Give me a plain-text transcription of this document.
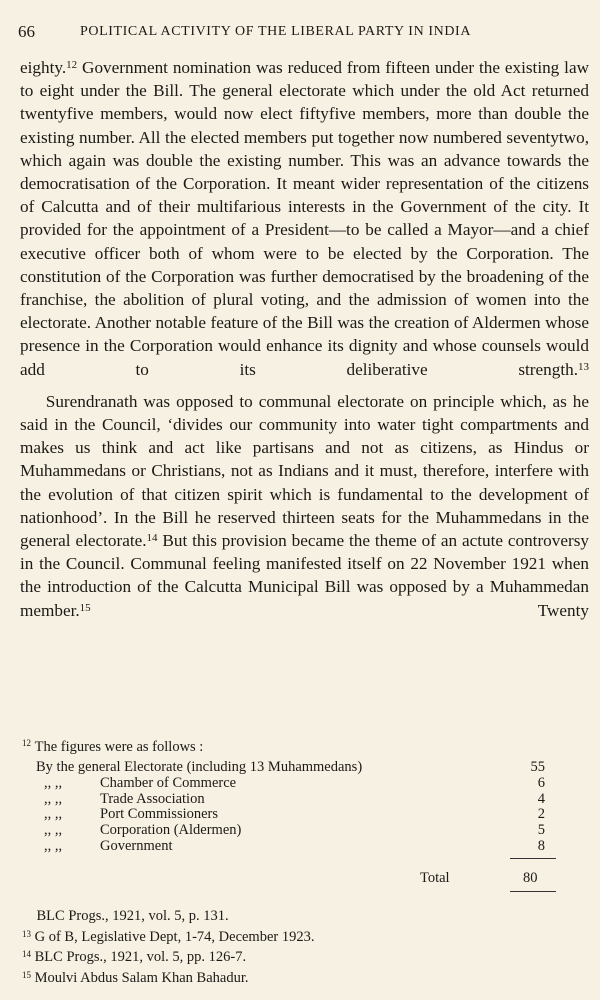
66	POLITICAL ACTIVITY OF THE LIBERAL PARTY IN INDIA

eighty.$^{12}$ Government nomination was reduced from fifteen under the existing law to eight under the Bill. The general electorate which under the old Act returned twentyfive members, would now elect fiftyfive members, more than double the existing number. All the elected members put together now numbered seventytwo, which again was double the existing number. This was an advance towards the democratisation of the Corporation. It meant wider representation of the citizens of Calcutta and of their multifarious interests in the Government of the city. It provided for the appointment of a President—to be called a Mayor—and a chief executive officer both of whom were to be elected by the Corporation. The constitution of the Corporation was further democratised by the broadening of the franchise, the abolition of plural voting, and the admission of women into the electorate. Another notable feature of the Bill was the creation of Aldermen whose presence in the Corporation would enhance its dignity and whose counsels would add to its deliberative strength.$^{13}$

  Surendranath was opposed to communal electorate on principle which, as he said in the Council, ‘divides our community into water tight compartments and makes us think and act like partisans and not as citizens, as Hindus or Muhammedans or Christians, not as Indians and it must, therefore, interfere with the evolution of that citizen spirit which is fundamental to the development of nationhood’. In the Bill he reserved thirteen seats for the Muhammedans in the general electorate.$^{14}$ But this provision became the theme of an actute controversy in the Council. Communal feeling manifested itself on 22 November 1921 when the introduction of the Calcutta Municipal Bill was opposed by a Muhammedan member.$^{15}$ Twenty

$^{12}$ The figures were as follows :
By the general Electorate (including 13 Muhammedans)	55
,, ,, Chamber of Commerce	6
,, ,, Trade Association	4
,, ,, Port Commissioners	2
,, ,, Corporation (Aldermen)	5
,, ,, Government	8
Total	80
 BLC Progs., 1921, vol. 5, p. 131.
$^{13}$ G of B, Legislative Dept, 1-74, December 1923.
$^{14}$ BLC Progs., 1921, vol. 5, pp. 126-7.
$^{15}$ Moulvi Abdus Salam Khan Bahadur.
